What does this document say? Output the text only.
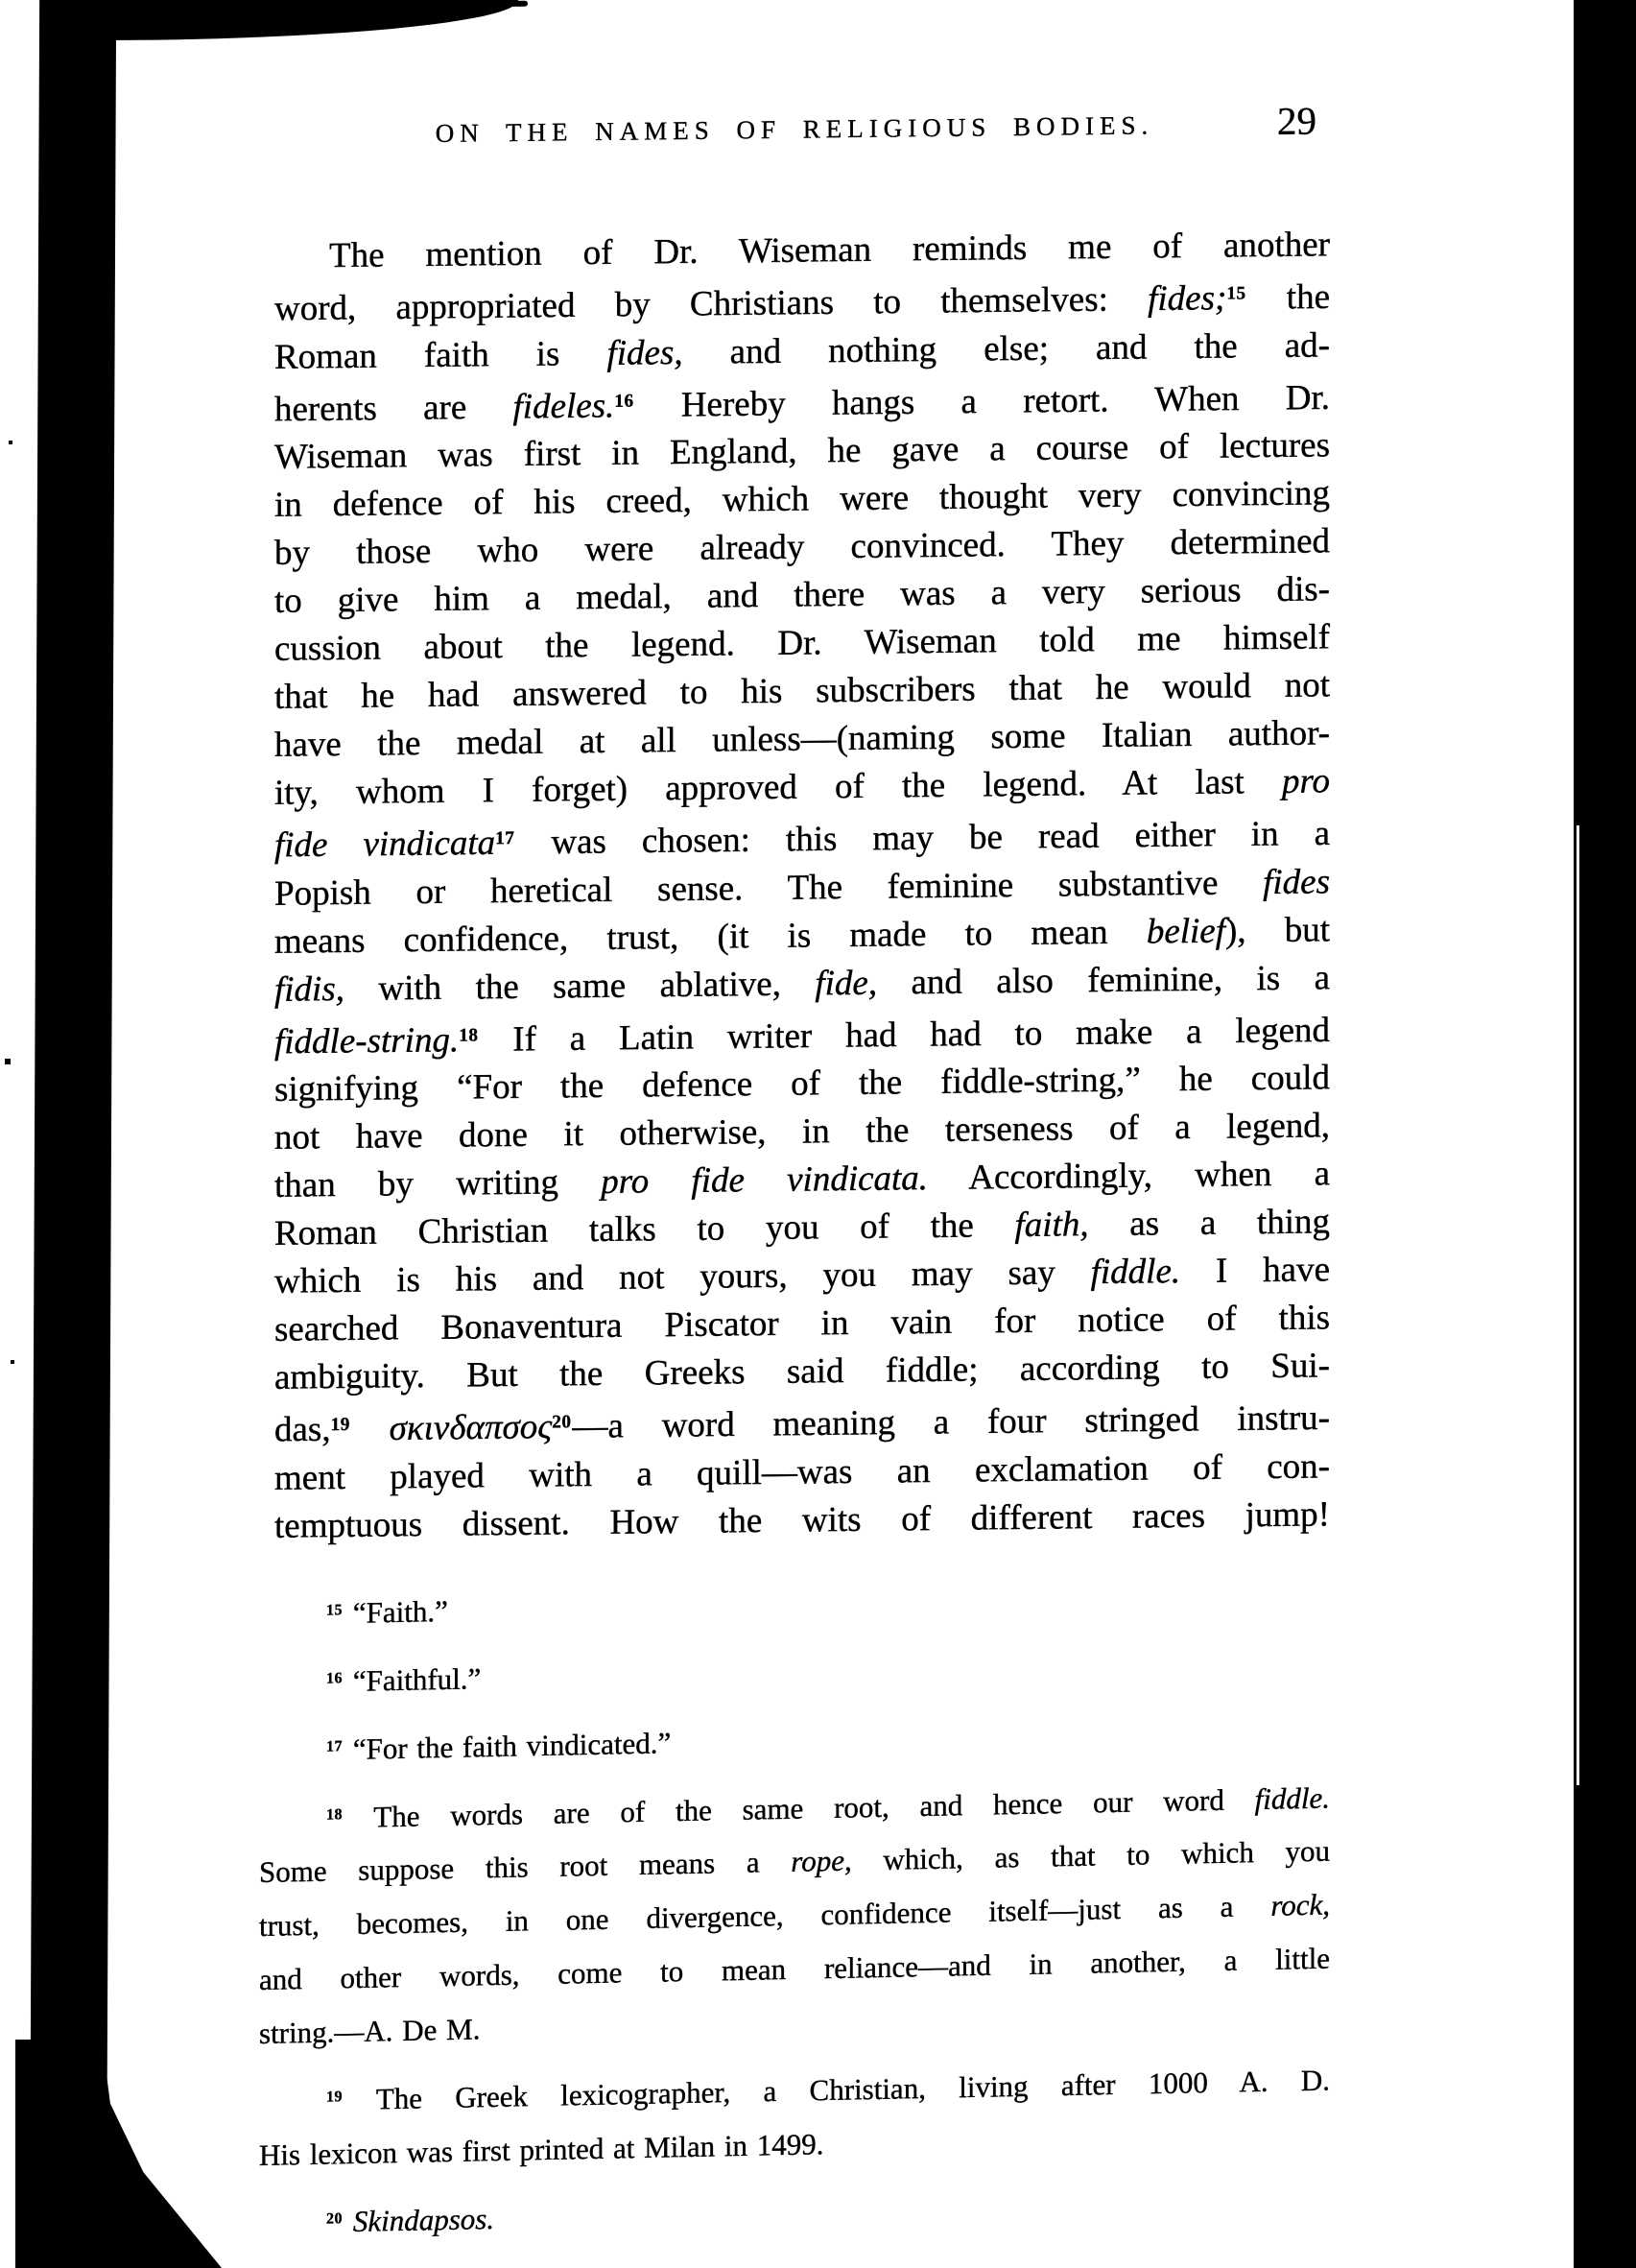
ON THE NAMES OF RELIGIOUS BODIES.	29
The mention of Dr. Wiseman reminds me of another
word, appropriated by Christians to themselves: fides;$^{15}$ the
Roman faith is fides, and nothing else; and the ad-
herents are fideles.$^{16}$ Hereby hangs a retort. When Dr.
Wiseman was first in England, he gave a course of lectures
in defence of his creed, which were thought very convincing
by those who were already convinced. They determined
to give him a medal, and there was a very serious dis-
cussion about the legend. Dr. Wiseman told me himself
that he had answered to his subscribers that he would not
have the medal at all unless—(naming some Italian author-
ity, whom I forget) approved of the legend. At last pro
fide vindicata$^{17}$ was chosen: this may be read either in a
Popish or heretical sense. The feminine substantive fides
means confidence, trust, (it is made to mean belief), but
fidis, with the same ablative, fide, and also feminine, is a
fiddle-string.$^{18}$ If a Latin writer had had to make a legend
signifying “For the defence of the fiddle-string,” he could
not have done it otherwise, in the terseness of a legend,
than by writing pro fide vindicata. Accordingly, when a
Roman Christian talks to you of the faith, as a thing
which is his and not yours, you may say fiddle. I have
searched Bonaventura Piscator in vain for notice of this
ambiguity. But the Greeks said fiddle; according to Sui-
das,$^{19}$ σκινδαπσος$^{20}$—a word meaning a four stringed instru-
ment played with a quill—was an exclamation of con-
temptuous dissent. How the wits of different races jump!
$^{15}$ “Faith.”
$^{16}$ “Faithful.”
$^{17}$ “For the faith vindicated.”
$^{18}$ The words are of the same root, and hence our word fiddle.
Some suppose this root means a rope, which, as that to which you
trust, becomes, in one divergence, confidence itself—just as a rock,
and other words, come to mean reliance—and in another, a little
string.—A. De M.
$^{19}$ The Greek lexicographer, a Christian, living after 1000 A. D.
His lexicon was first printed at Milan in 1499.
$^{20}$ Skindapsos.
